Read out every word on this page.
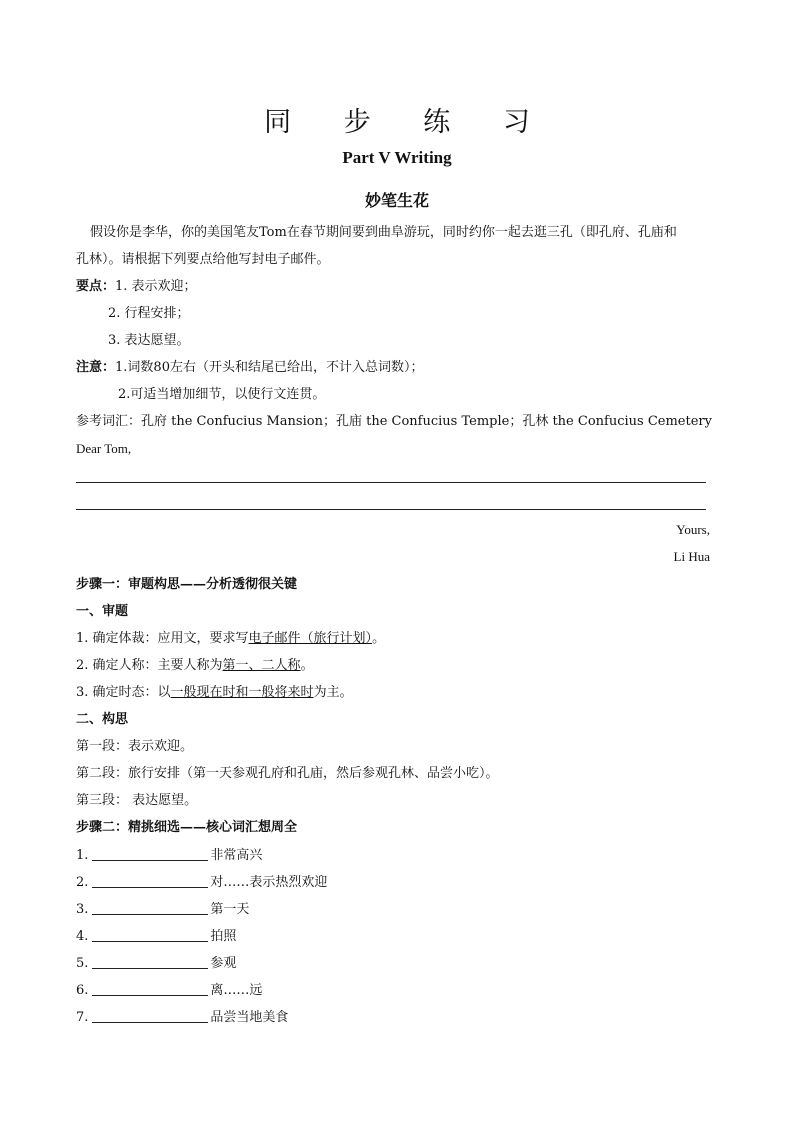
同 步 练 习
Part V Writing
妙笔生花
假设你是李华，你的美国笔友Tom在春节期间要到曲阜游玩，同时约你一起去逛三孔（即孔府、孔庙和
孔林）。请根据下列要点给他写封电子邮件。
要点：1. 表示欢迎；
2. 行程安排；
3. 表达愿望。
注意：1.词数80左右（开头和结尾已给出，不计入总词数）；
2.可适当增加细节，以使行文连贯。
参考词汇：孔府 the Confucius Mansion；孔庙 the Confucius Temple；孔林 the Confucius Cemetery
Dear Tom,
Yours,
Li Hua
步骤一：审题构思——分析透彻很关键
一、审题
1. 确定体裁：应用文，要求写电子邮件（旅行计划）。
2. 确定人称：主要人称为第一、二人称。
3. 确定时态：以一般现在时和一般将来时为主。
二、构思
第一段：表示欢迎。
第二段：旅行安排（第一天参观孔府和孔庙，然后参观孔林、品尝小吃）。
第三段： 表达愿望。
步骤二：精挑细选——核心词汇想周全
1.	非常高兴
2.	对……表示热烈欢迎
3.	第一天
4.	拍照
5.	参观
6.	离……远
7.	品尝当地美食
